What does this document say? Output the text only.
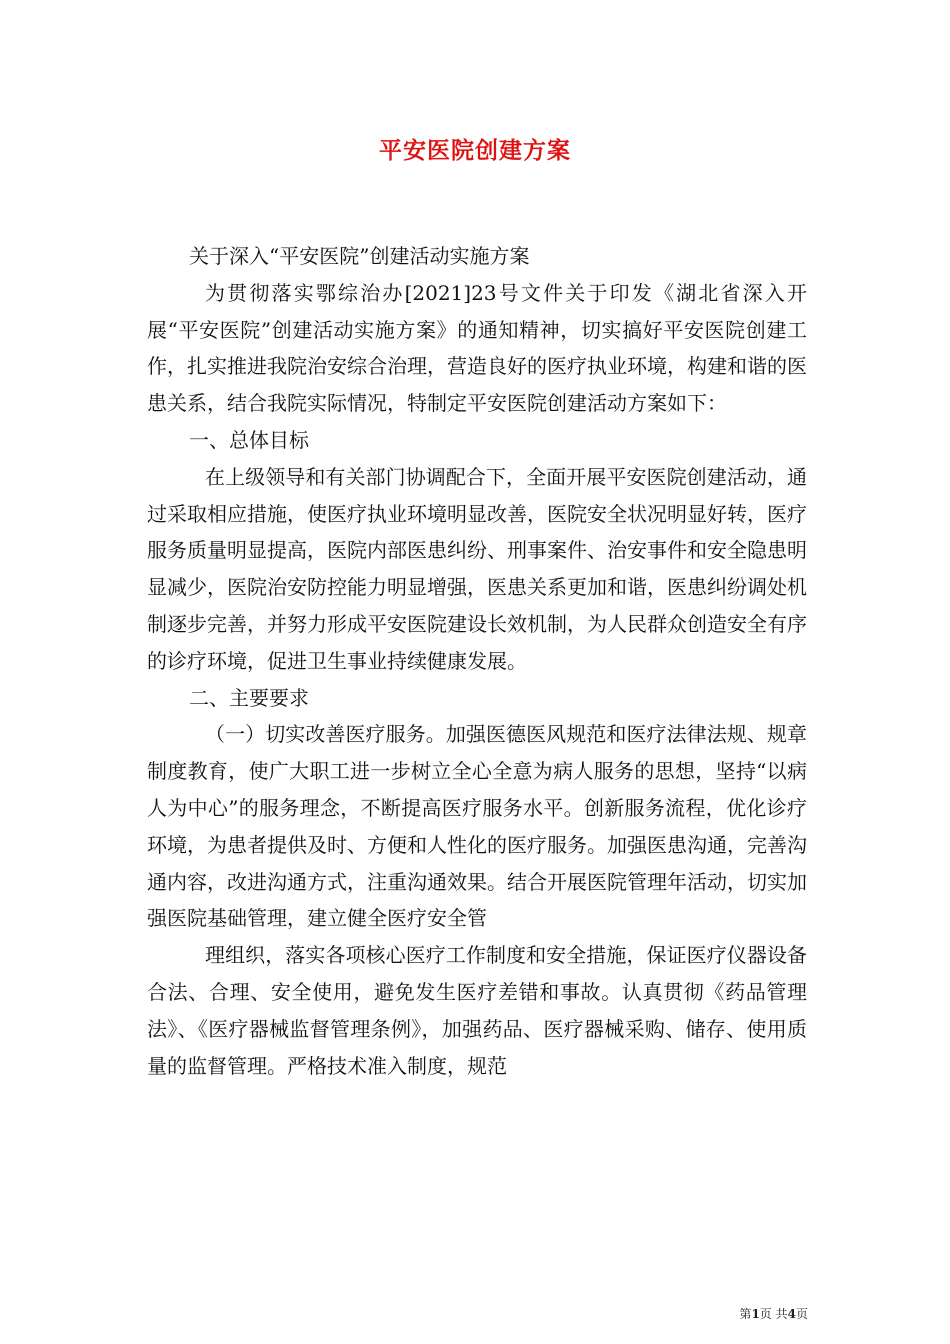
平安医院创建方案

关于深入“平安医院”创建活动实施方案

为贯彻落实鄂综治办[2021]23号文件关于印发《湖北省深入开展“平安医院”创建活动实施方案》的通知精神，切实搞好平安医院创建工作，扎实推进我院治安综合治理，营造良好的医疗执业环境，构建和谐的医患关系，结合我院实际情况，特制定平安医院创建活动方案如下：

一、总体目标

在上级领导和有关部门协调配合下，全面开展平安医院创建活动，通过采取相应措施，使医疗执业环境明显改善，医院安全状况明显好转，医疗服务质量明显提高，医院内部医患纠纷、刑事案件、治安事件和安全隐患明显减少，医院治安防控能力明显增强，医患关系更加和谐，医患纠纷调处机制逐步完善，并努力形成平安医院建设长效机制，为人民群众创造安全有序的诊疗环境，促进卫生事业持续健康发展。

二、主要要求

（一）切实改善医疗服务。加强医德医风规范和医疗法律法规、规章制度教育，使广大职工进一步树立全心全意为病人服务的思想，坚持“以病人为中心”的服务理念，不断提高医疗服务水平。创新服务流程，优化诊疗环境，为患者提供及时、方便和人性化的医疗服务。加强医患沟通，完善沟通内容，改进沟通方式，注重沟通效果。结合开展医院管理年活动，切实加强医院基础管理，建立健全医疗安全管

理组织，落实各项核心医疗工作制度和安全措施，保证医疗仪器设备合法、合理、安全使用，避免发生医疗差错和事故。认真贯彻《药品管理法》、《医疗器械监督管理条例》，加强药品、医疗器械采购、储存、使用质量的监督管理。严格技术准入制度，规范

第1页 共4页
